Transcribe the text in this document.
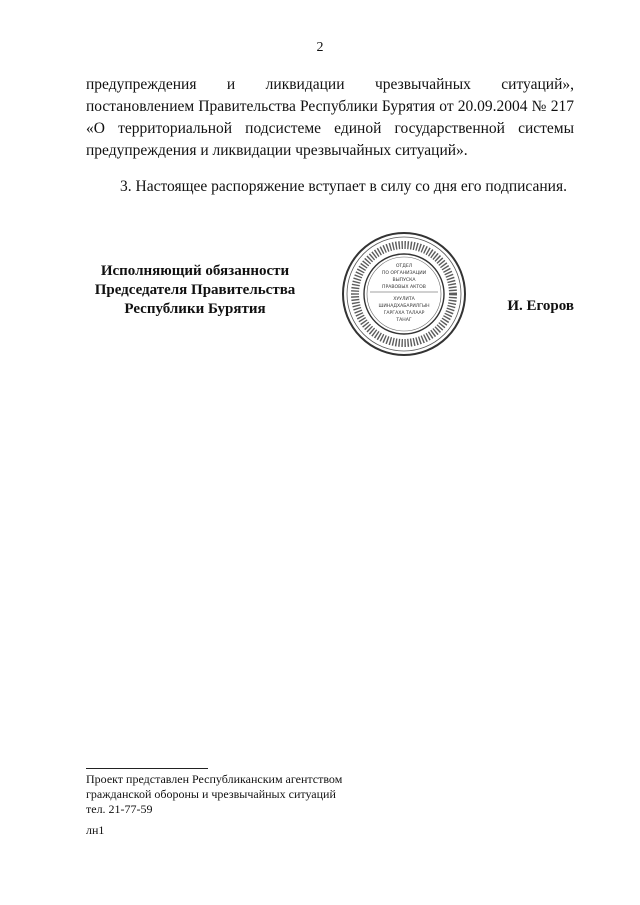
2

предупреждения и ликвидации чрезвычайных ситуаций», постановлением Правительства Республики Бурятия от 20.09.2004 № 217 «О территориальной подсистеме единой государственной системы предупреждения и ликвидации чрезвычайных ситуаций».

3. Настоящее распоряжение вступает в силу со дня его подписания.

Исполняющий обязанности
Председателя Правительства
Республики Бурятия
ОТДЕЛ
ПО ОРГАНИЗАЦИИ
ВЫПУСКА
ПРАВОВЫХ АКТОВ
ХУУЛИТА
ШИНАДХАБАРИЛГЫН
ГАРГАХА ТАЛААР
ТАНАГ
И. Егоров
Проект представлен Республиканским агентством
гражданской обороны и чрезвычайных ситуаций
тел. 21-77-59
лн1
